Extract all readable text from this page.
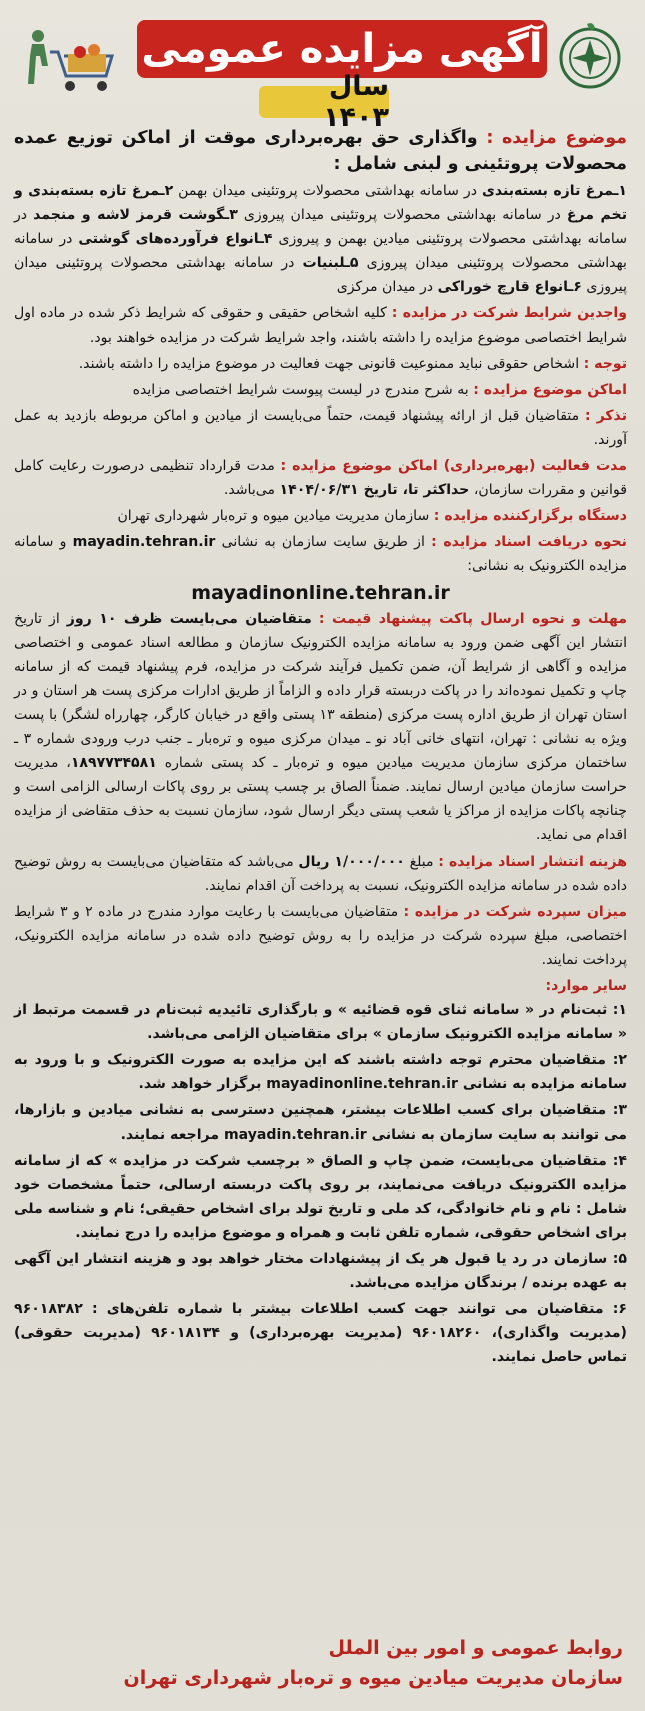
آگهی مزایده عمومی
سال ۱۴۰۳

موضوع مزایده : واگذاری حق بهره‌برداری موقت از اماکن توزیع عمده محصولات پروتئینی و لبنی شامل :

۱ـمرغ تازه بسته‌بندی در سامانه بهداشتی محصولات پروتئینی میدان بهمن ۲ـمرغ تازه بسته‌بندی و تخم مرغ در سامانه بهداشتی محصولات پروتئینی میدان پیروزی ۳ـگوشت قرمز لاشه و منجمد در سامانه بهداشتی محصولات پروتئینی میادین بهمن و پیروزی ۴ـانواع فرآورده‌های گوشتی در سامانه بهداشتی محصولات پروتئینی میدان پیروزی ۵ـلبنیات در سامانه بهداشتی محصولات پروتئینی میدان پیروزی ۶ـانواع قارچ خوراکی در میدان مرکزی

واجدین شرایط شرکت در مزایده : کلیه اشخاص حقیقی و حقوقی که شرایط ذکر شده در ماده اول شرایط اختصاصی موضوع مزایده را داشته باشند، واجد شرایط شرکت در مزایده خواهند بود.

توجه : اشخاص حقوقی نباید ممنوعیت قانونی جهت فعالیت در موضوع مزایده را داشته باشند.

اماکن موضوع مزایده : به شرح مندرج در لیست پیوست شرایط اختصاصی مزایده

تذکر : متقاضیان قبل از ارائه پیشنهاد قیمت، حتماً می‌بایست از میادین و اماکن مربوطه بازدید به عمل آورند.

مدت فعالیت (بهره‌برداری) اماکن موضوع مزایده : مدت قرارداد تنظیمی درصورت رعایت کامل قوانین و مقررات سازمان، حداکثر تا، تاریخ ۱۴۰۴/۰۶/۳۱ می‌باشد.

دستگاه برگزارکننده مزایده : سازمان مدیریت میادین میوه و تره‌بار شهرداری تهران

نحوه دریافت اسناد مزایده : از طریق سایت سازمان به نشانی mayadin.tehran.ir و سامانه مزایده الکترونیک به نشانی:

mayadinonline.tehran.ir

مهلت و نحوه ارسال پاکت پیشنهاد قیمت : متقاضیان می‌بایست ظرف ۱۰ روز از تاریخ انتشار این آگهی ضمن ورود به سامانه مزایده الکترونیک سازمان و مطالعه اسناد عمومی و اختصاصی مزایده و آگاهی از شرایط آن، ضمن تکمیل فرآیند شرکت در مزایده، فرم پیشنهاد قیمت که از سامانه چاپ و تکمیل نموده‌اند را در پاکت دربسته قرار داده و الزاماً از طریق ادارات مرکزی پست هر استان و در استان تهران از طریق اداره پست مرکزی (منطقه ۱۳ پستی واقع در خیابان کارگر، چهارراه لشگر) با پست ویژه به نشانی : تهران، انتهای خانی آباد نو ـ میدان مرکزی میوه و تره‌بار ـ جنب درب ورودی شماره ۳ ـ ساختمان مرکزی سازمان مدیریت میادین میوه و تره‌بار ـ کد پستی شماره ۱۸۹۷۷۳۴۵۸۱، مدیریت حراست سازمان میادین ارسال نمایند. ضمناً الصاق بر چسب پستی بر روی پاکات ارسالی الزامی است و چنانچه پاکات مزایده از مراکز یا شعب پستی دیگر ارسال شود، سازمان نسبت به حذف متقاضی از مزایده اقدام می نماید.

هزینه انتشار اسناد مزایده : مبلغ ۱/۰۰۰/۰۰۰ ریال می‌باشد که متقاضیان می‌بایست به روش توضیح داده شده در سامانه مزایده الکترونیک، نسبت به پرداخت آن اقدام نمایند.

میزان سپرده شرکت در مزایده : متقاضیان می‌بایست با رعایت موارد مندرج در ماده ۲ و ۳ شرایط اختصاصی، مبلغ سپرده شرکت در مزایده را به روش توضیح داده شده در سامانه مزایده الکترونیک، پرداخت نمایند.

سایر موارد:

۱: ثبت‌نام در « سامانه ثنای قوه قضائیه » و بارگذاری تائیدیه ثبت‌نام در قسمت مرتبط از « سامانه مزایده الکترونیک سازمان » برای متقاضیان الزامی می‌باشد.

۲: متقاضیان محترم توجه داشته باشند که این مزایده به صورت الکترونیک و با ورود به سامانه مزایده به نشانی mayadinonline.tehran.ir برگزار خواهد شد.

۳: متقاضیان برای کسب اطلاعات بیشتر، همچنین دسترسی به نشانی میادین و بازارها، می توانند به سایت سازمان به نشانی mayadin.tehran.ir مراجعه نمایند.

۴: متقاضیان می‌بایست، ضمن چاپ و الصاق « برچسب شرکت در مزایده » که از سامانه مزایده الکترونیک دریافت می‌نمایند، بر روی پاکت دربسته ارسالی، حتماً مشخصات خود شامل : نام و نام خانوادگی، کد ملی و تاریخ تولد برای اشخاص حقیقی؛ نام و شناسه ملی برای اشخاص حقوقی، شماره تلفن ثابت و همراه و موضوع مزایده را درج نمایند.

۵: سازمان در رد یا قبول هر یک از پیشنهادات مختار خواهد بود و هزینه انتشار این آگهی به عهده برنده / برندگان مزایده می‌باشد.

۶: متقاضیان می توانند جهت کسب اطلاعات بیشتر با شماره تلفن‌های : ۹۶۰۱۸۳۸۲ (مدیریت واگذاری)، ۹۶۰۱۸۲۶۰ (مدیریت بهره‌برداری) و ۹۶۰۱۸۱۳۴ (مدیریت حقوقی) تماس حاصل نمایند.

روابط عمومی و امور بین الملل
سازمان مدیریت میادین میوه و تره‌بار شهرداری تهران
